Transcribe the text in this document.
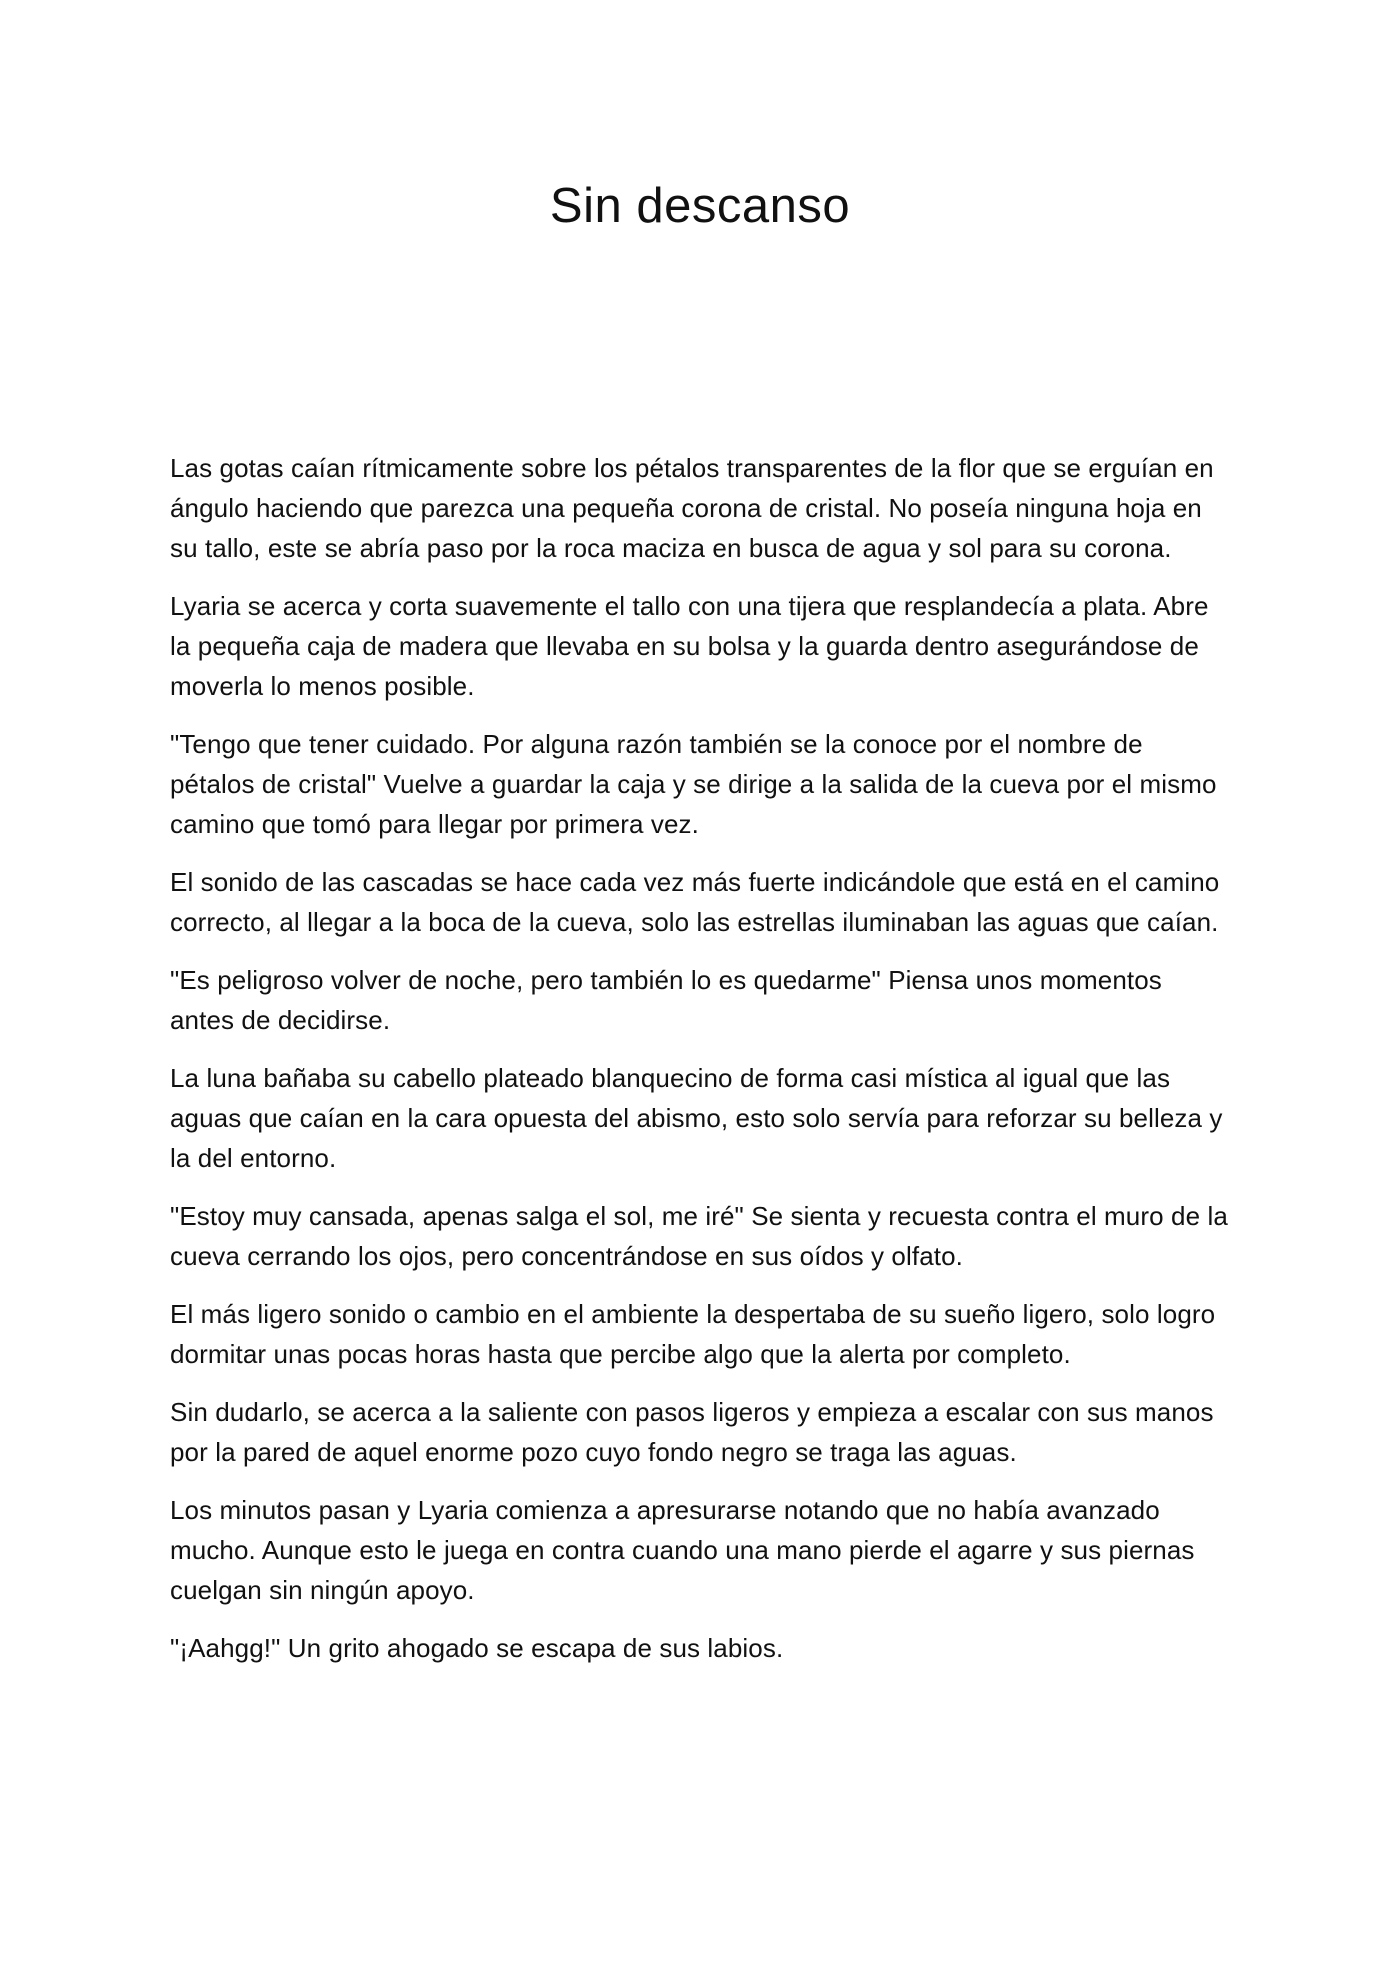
Sin descanso

Las gotas caían rítmicamente sobre los pétalos transparentes de la flor que se erguían en ángulo haciendo que parezca una pequeña corona de cristal. No poseía ninguna hoja en su tallo, este se abría paso por la roca maciza en busca de agua y sol para su corona.

Lyaria se acerca y corta suavemente el tallo con una tijera que resplandecía a plata. Abre la pequeña caja de madera que llevaba en su bolsa y la guarda dentro asegurándose de moverla lo menos posible.

"Tengo que tener cuidado. Por alguna razón también se la conoce por el nombre de pétalos de cristal" Vuelve a guardar la caja y se dirige a la salida de la cueva por el mismo camino que tomó para llegar por primera vez.

El sonido de las cascadas se hace cada vez más fuerte indicándole que está en el camino correcto, al llegar a la boca de la cueva, solo las estrellas iluminaban las aguas que caían.

"Es peligroso volver de noche, pero también lo es quedarme" Piensa unos momentos antes de decidirse.

La luna bañaba su cabello plateado blanquecino de forma casi mística al igual que las aguas que caían en la cara opuesta del abismo, esto solo servía para reforzar su belleza y la del entorno.

"Estoy muy cansada, apenas salga el sol, me iré" Se sienta y recuesta contra el muro de la cueva cerrando los ojos, pero concentrándose en sus oídos y olfato.

El más ligero sonido o cambio en el ambiente la despertaba de su sueño ligero, solo logro dormitar unas pocas horas hasta que percibe algo que la alerta por completo.

Sin dudarlo, se acerca a la saliente con pasos ligeros y empieza a escalar con sus manos por la pared de aquel enorme pozo cuyo fondo negro se traga las aguas.

Los minutos pasan y Lyaria comienza a apresurarse notando que no había avanzado mucho. Aunque esto le juega en contra cuando una mano pierde el agarre y sus piernas cuelgan sin ningún apoyo.

"¡Aahgg!" Un grito ahogado se escapa de sus labios.
